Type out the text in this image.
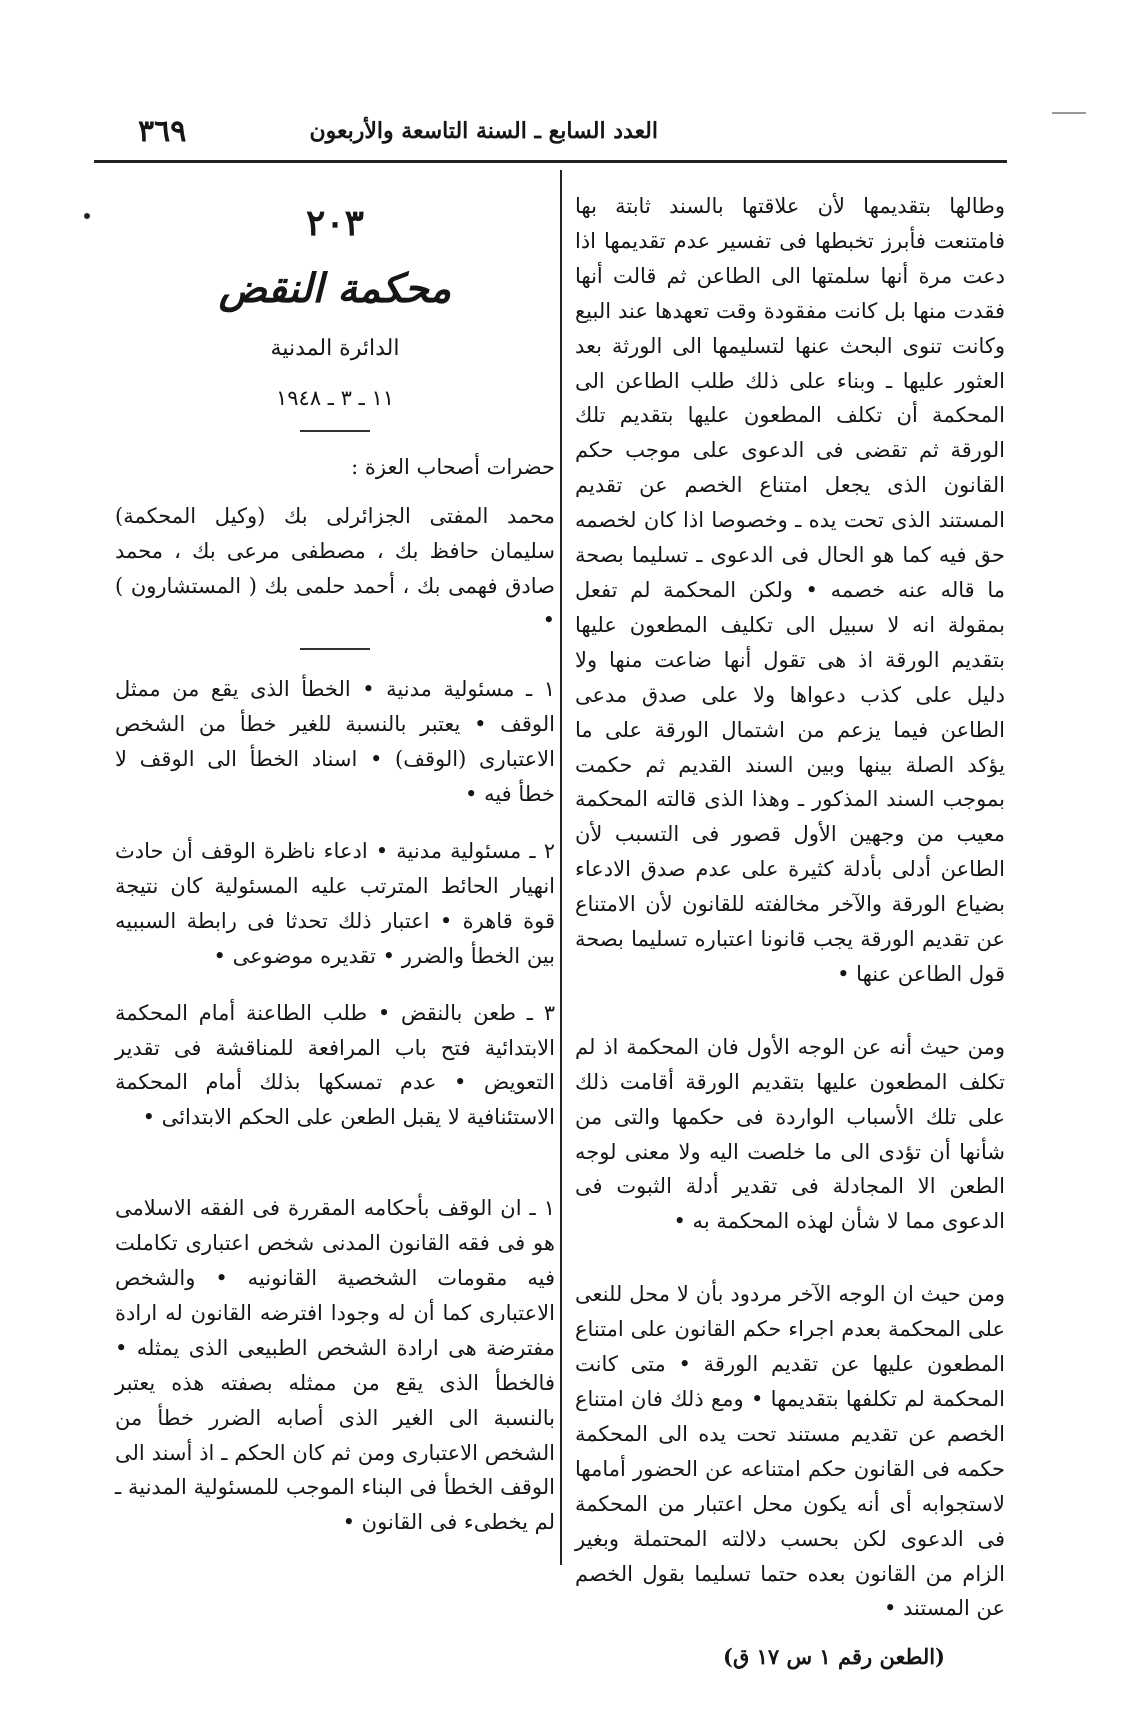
٣٦٩	العدد السابع ـ السنة التاسعة والأربعون

وطالها بتقديمها لأن علاقتها بالسند ثابتة بها فامتنعت فأبرز تخبطها فى تفسير عدم تقديمها اذا دعت مرة أنها سلمتها الى الطاعن ثم قالت أنها فقدت منها بل كانت مفقودة وقت تعهدها عند البيع وكانت تنوى البحث عنها لتسليمها الى الورثة بعد العثور عليها ـ وبناء على ذلك طلب الطاعن الى المحكمة أن تكلف المطعون عليها بتقديم تلك الورقة ثم تقضى فى الدعوى على موجب حكم القانون الذى يجعل امتناع الخصم عن تقديم المستند الذى تحت يده ـ وخصوصا اذا كان لخصمه حق فيه كما هو الحال فى الدعوى ـ تسليما بصحة ما قاله عنه خصمه • ولكن المحكمة لم تفعل بمقولة انه لا سبيل الى تكليف المطعون عليها بتقديم الورقة اذ هى تقول أنها ضاعت منها ولا دليل على كذب دعواها ولا على صدق مدعى الطاعن فيما يزعم من اشتمال الورقة على ما يؤكد الصلة بينها وبين السند القديم ثم حكمت بموجب السند المذكور ـ وهذا الذى قالته المحكمة معيب من وجهين الأول قصور فى التسبب لأن الطاعن أدلى بأدلة كثيرة على عدم صدق الادعاء بضياع الورقة والآخر مخالفته للقانون لأن الامتناع عن تقديم الورقة يجب قانونا اعتباره تسليما بصحة قول الطاعن عنها •

ومن حيث أنه عن الوجه الأول فان المحكمة اذ لم تكلف المطعون عليها بتقديم الورقة أقامت ذلك على تلك الأسباب الواردة فى حكمها والتى من شأنها أن تؤدى الى ما خلصت اليه ولا معنى لوجه الطعن الا المجادلة فى تقدير أدلة الثبوت فى الدعوى مما لا شأن لهذه المحكمة به •

ومن حيث ان الوجه الآخر مردود بأن لا محل للنعى على المحكمة بعدم اجراء حكم القانون على امتناع المطعون عليها عن تقديم الورقة • متى كانت المحكمة لم تكلفها بتقديمها • ومع ذلك فان امتناع الخصم عن تقديم مستند تحت يده الى المحكمة حكمه فى القانون حكم امتناعه عن الحضور أمامها لاستجوابه أى أنه يكون محل اعتبار من المحكمة فى الدعوى لكن بحسب دلالته المحتملة وبغير الزام من القانون بعده حتما تسليما بقول الخصم عن المستند •

(الطعن رقم ١ س ١٧ ق)

٢٠٣

محكمة النقض

الدائرة المدنية

١١ ـ ٣ ـ ١٩٤٨

حضرات أصحاب العزة :

محمد المفتى الجزائرلى بك (وكيل المحكمة) سليمان حافظ بك ، مصطفى مرعى بك ، محمد صادق فهمى بك ، أحمد حلمى بك ( المستشارون ) •

١ ـ مسئولية مدنية • الخطأ الذى يقع من ممثل الوقف • يعتبر بالنسبة للغير خطأ من الشخص الاعتبارى (الوقف) • اسناد الخطأ الى الوقف لا خطأ فيه •

٢ ـ مسئولية مدنية • ادعاء ناظرة الوقف أن حادث انهيار الحائط المترتب عليه المسئولية كان نتيجة قوة قاهرة • اعتبار ذلك تحدثا فى رابطة السببيه بين الخطأ والضرر • تقديره موضوعى •

٣ ـ طعن بالنقض • طلب الطاعنة أمام المحكمة الابتدائية فتح باب المرافعة للمناقشة فى تقدير التعويض • عدم تمسكها بذلك أمام المحكمة الاستئنافية لا يقبل الطعن على الحكم الابتدائى •

١ ـ ان الوقف بأحكامه المقررة فى الفقه الاسلامى هو فى فقه القانون المدنى شخص اعتبارى تكاملت فيه مقومات الشخصية القانونيه • والشخص الاعتبارى كما أن له وجودا افترضه القانون له ارادة مفترضة هى ارادة الشخص الطبيعى الذى يمثله • فالخطأ الذى يقع من ممثله بصفته هذه يعتبر بالنسبة الى الغير الذى أصابه الضرر خطأ من الشخص الاعتبارى ومن ثم كان الحكم ـ اذ أسند الى الوقف الخطأ فى البناء الموجب للمسئولية المدنية ـ لم يخطىء فى القانون •
